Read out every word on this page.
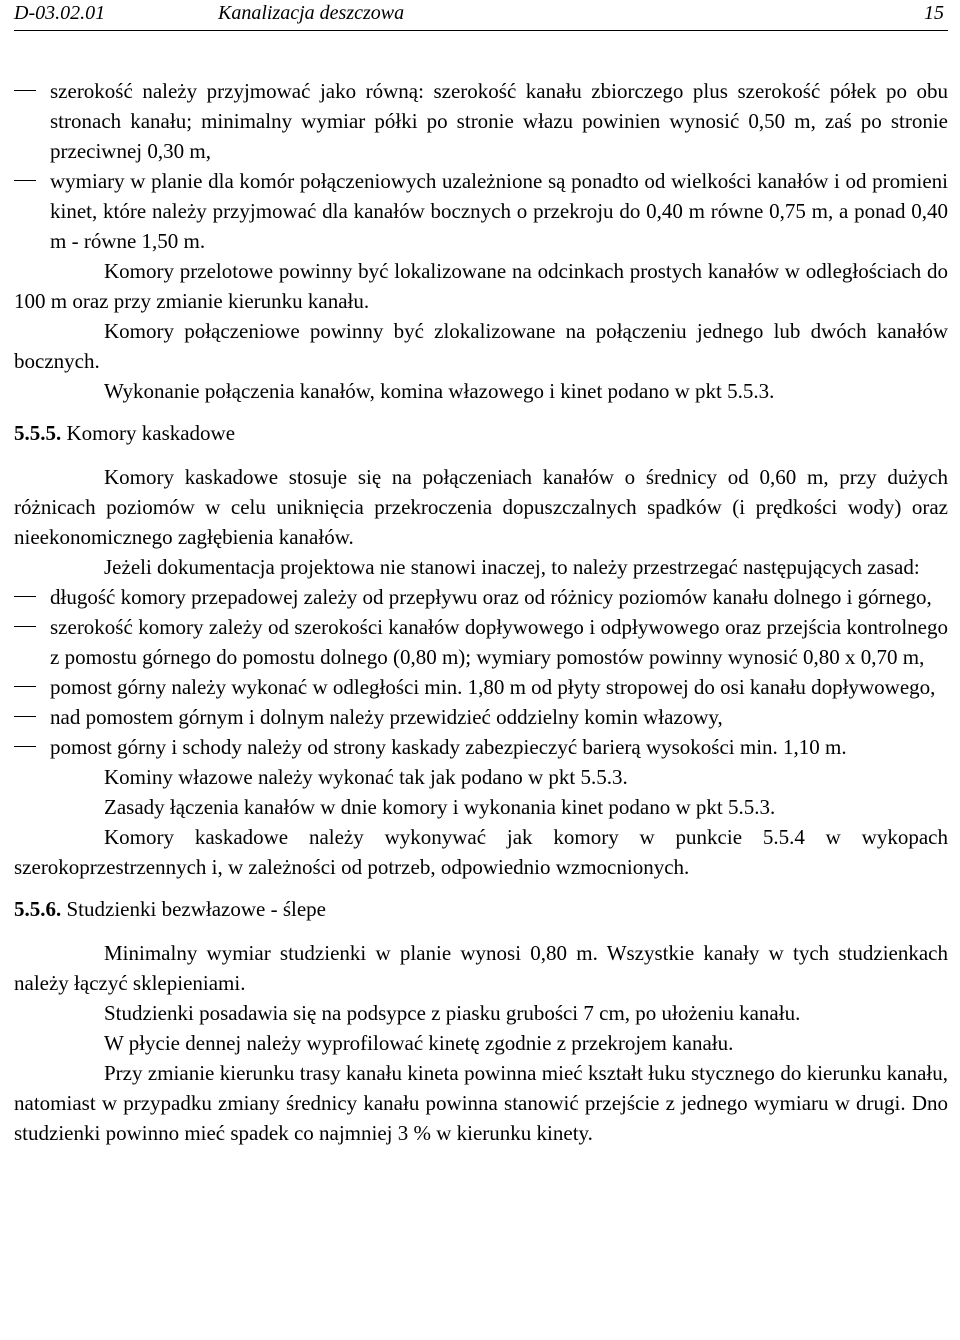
D-03.02.01	Kanalizacja deszczowa	15
szerokość należy przyjmować jako równą: szerokość kanału zbiorczego plus szerokość półek po obu stronach kanału; minimalny wymiar półki po stronie włazu powinien wynosić 0,50 m, zaś po stronie przeciwnej 0,30 m,
wymiary w planie dla komór połączeniowych uzależnione są ponadto od wielkości kanałów i od promieni kinet, które należy przyjmować dla kanałów bocznych o przekroju do 0,40 m równe 0,75 m, a ponad 0,40 m - równe 1,50 m.

Komory przelotowe powinny być lokalizowane na odcinkach prostych kanałów w odległościach do 100 m oraz przy zmianie kierunku kanału.

Komory połączeniowe powinny być zlokalizowane na połączeniu jednego lub dwóch kanałów bocznych.

Wykonanie połączenia kanałów, komina włazowego i kinet podano w pkt 5.5.3.

5.5.5. Komory kaskadowe

Komory kaskadowe stosuje się na połączeniach kanałów o średnicy od 0,60 m, przy dużych różnicach poziomów w celu uniknięcia przekroczenia dopuszczalnych spadków (i prędkości wody) oraz nieekonomicznego zagłębienia kanałów.

Jeżeli dokumentacja projektowa nie stanowi inaczej, to należy przestrzegać następujących zasad:

długość komory przepadowej zależy od przepływu oraz od różnicy poziomów kanału dolnego i górnego,
szerokość komory zależy od szerokości kanałów dopływowego i odpływowego oraz przejścia kontrolnego z pomostu górnego do pomostu dolnego (0,80 m); wymiary pomostów powinny wynosić 0,80 x 0,70 m,
pomost górny należy wykonać w odległości min. 1,80 m od płyty stropowej do osi kanału dopływowego,
nad pomostem górnym i dolnym należy przewidzieć oddzielny komin włazowy,
pomost górny i schody należy od strony kaskady zabezpieczyć barierą wysokości min. 1,10 m.

Kominy włazowe należy wykonać tak jak podano w pkt 5.5.3.

Zasady łączenia kanałów w dnie komory i wykonania kinet podano w pkt 5.5.3.

Komory kaskadowe należy wykonywać jak komory w punkcie 5.5.4 w wykopach szerokoprzestrzennych i, w zależności od potrzeb, odpowiednio wzmocnionych.

5.5.6. Studzienki bezwłazowe - ślepe

Minimalny wymiar studzienki w planie wynosi 0,80 m. Wszystkie kanały w tych studzienkach należy łączyć sklepieniami.

Studzienki posadawia się na podsypce z piasku grubości 7 cm, po ułożeniu kanału.

W płycie dennej należy wyprofilować kinetę zgodnie z przekrojem kanału.

Przy zmianie kierunku trasy kanału kineta powinna mieć kształt łuku stycznego do kierunku kanału, natomiast w przypadku zmiany średnicy kanału powinna stanowić przejście z jednego wymiaru w drugi. Dno studzienki powinno mieć spadek co najmniej 3 % w kierunku kinety.
